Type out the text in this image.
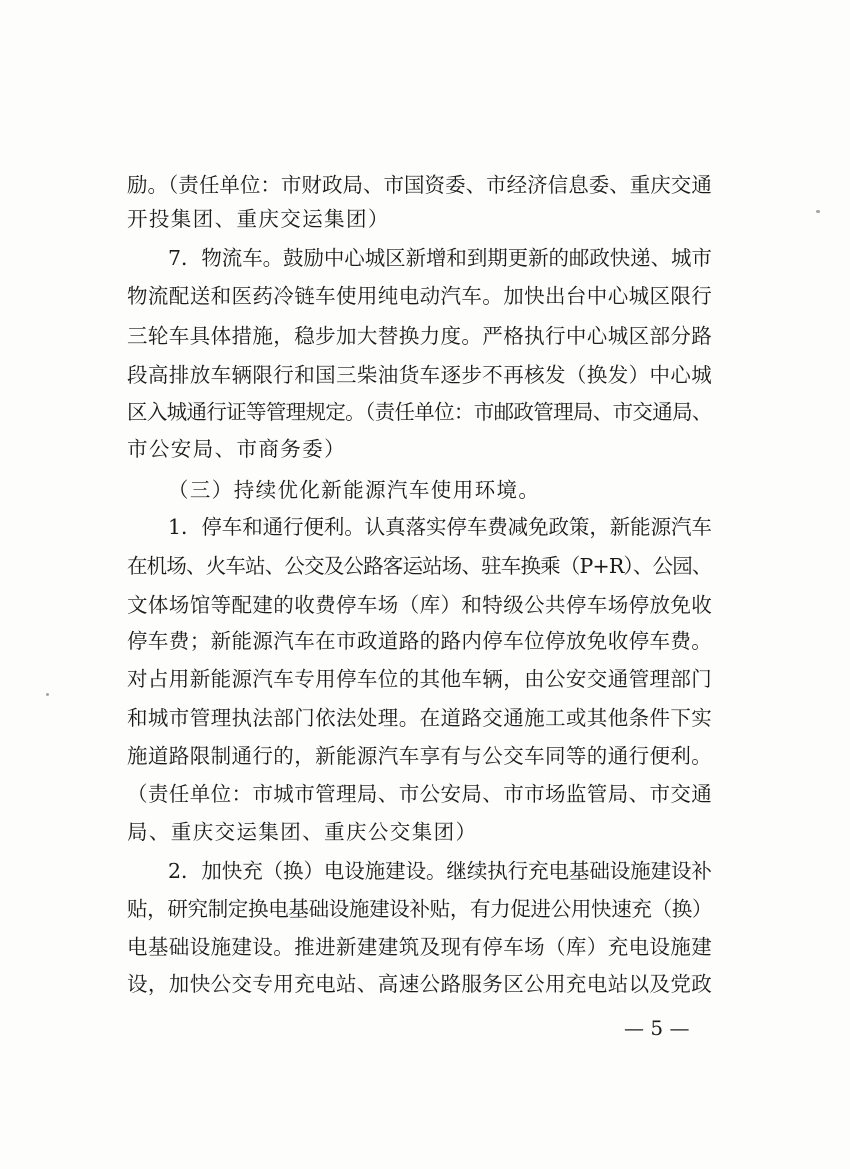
励。（责任单位：市财政局、市国资委、市经济信息委、重庆交通
开投集团、重庆交运集团）
7．物流车。鼓励中心城区新增和到期更新的邮政快递、城市
物流配送和医药冷链车使用纯电动汽车。加快出台中心城区限行
三轮车具体措施，稳步加大替换力度。严格执行中心城区部分路
段高排放车辆限行和国三柴油货车逐步不再核发（换发）中心城
区入城通行证等管理规定。（责任单位：市邮政管理局、市交通局、
市公安局、市商务委）
（三）持续优化新能源汽车使用环境。
1．停车和通行便利。认真落实停车费减免政策，新能源汽车
在机场、火车站、公交及公路客运站场、驻车换乘（P+R）、公园、
文体场馆等配建的收费停车场（库）和特级公共停车场停放免收
停车费；新能源汽车在市政道路的路内停车位停放免收停车费。
对占用新能源汽车专用停车位的其他车辆，由公安交通管理部门
和城市管理执法部门依法处理。在道路交通施工或其他条件下实
施道路限制通行的，新能源汽车享有与公交车同等的通行便利。
（责任单位：市城市管理局、市公安局、市市场监管局、市交通
局、重庆交运集团、重庆公交集团）
2．加快充（换）电设施建设。继续执行充电基础设施建设补
贴，研究制定换电基础设施建设补贴，有力促进公用快速充（换）
电基础设施建设。推进新建建筑及现有停车场（库）充电设施建
设，加快公交专用充电站、高速公路服务区公用充电站以及党政
— 5 —
